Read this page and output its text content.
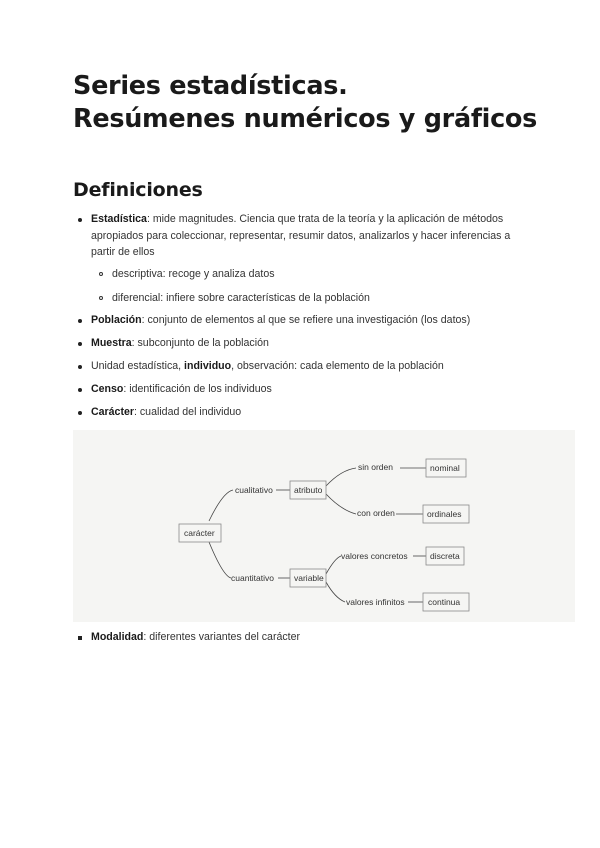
Series estadísticas.
Resúmenes numéricos y gráficos
Definiciones
Estadística: mide magnitudes. Ciencia que trata de la teoría y la aplicación de métodos apropiados para coleccionar, representar, resumir datos, analizarlos y hacer inferencias a partir de ellos
descriptiva: recoge y analiza datos
diferencial: infiere sobre características de la población
Población: conjunto de elementos al que se refiere una investigación (los datos)
Muestra: subconjunto de la población
Unidad estadística, individuo, observación: cada elemento de la población
Censo: identificación de los individuos
Carácter: cualidad del individuo
carácter
cualitativo atributo
cuantitativo variable
sin orden	nominal
con orden	ordinales
valores concretos	discreta
valores infinitos	continua
Modalidad: diferentes variantes del carácter
